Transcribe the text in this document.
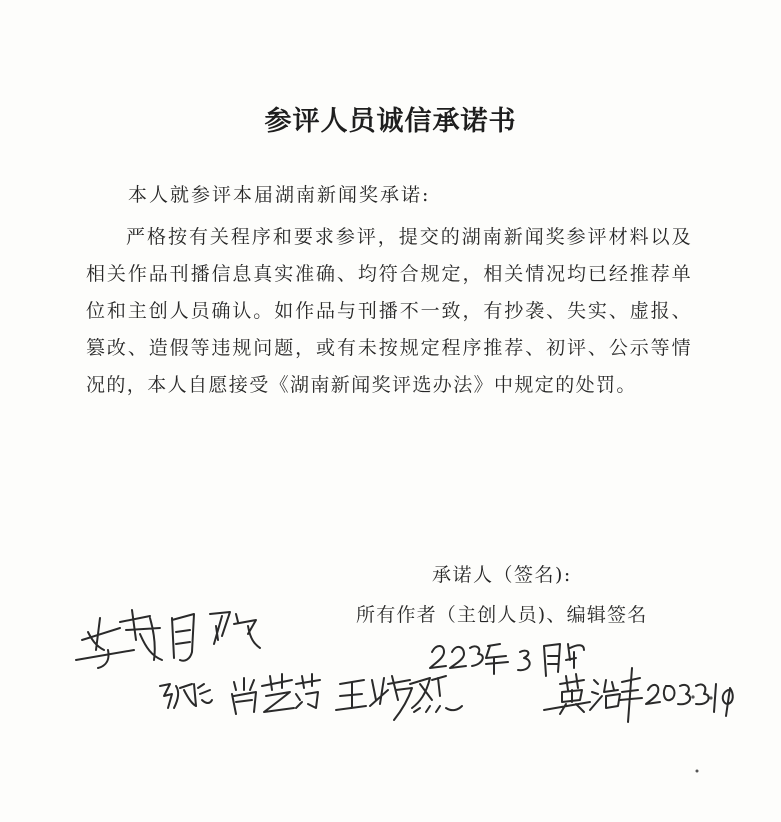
参评人员诚信承诺书
本人就参评本届湖南新闻奖承诺:
严格按有关程序和要求参评，提交的湖南新闻奖参评材料以及相关作品刊播信息真实准确、均符合规定，相关情况均已经推荐单位和主创人员确认。如作品与刊播不一致，有抄袭、失实、虚报、篡改、造假等违规问题，或有未按规定程序推荐、初评、公示等情况的，本人自愿接受《湖南新闻奖评选办法》中规定的处罚。
承诺人（签名):
所有作者（主创人员)、编辑签名
